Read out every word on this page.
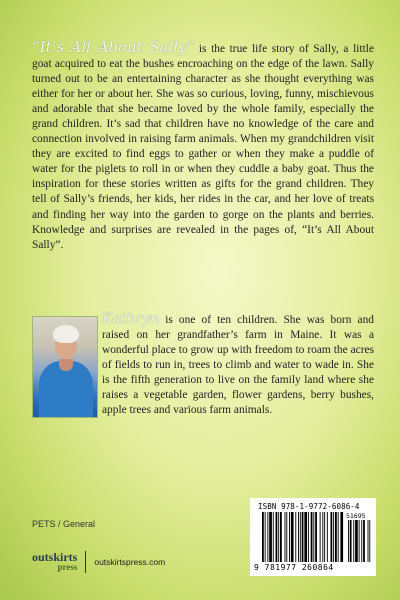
“It’s All About Sally” is the true life story of Sally, a little goat acquired to eat the bushes encroaching on the edge of the lawn. Sally turned out to be an entertaining character as she thought everything was either for her or about her. She was so curious, loving, funny, mischievous and adorable that she became loved by the whole family, especially the grand children. It’s sad that children have no knowledge of the care and connection involved in raising farm animals. When my grandchildren visit they are excited to find eggs to gather or when they make a puddle of water for the piglets to roll in or when they cuddle a baby goat. Thus the inspiration for these stories written as gifts for the grand children. They tell of Sally’s friends, her kids, her rides in the car, and her love of treats and finding her way into the garden to gorge on the plants and berries. Knowledge and surprises are revealed in the pages of, “It’s All About Sally”.
Kathryn is one of ten children. She was born and raised on her grandfather’s farm in Maine. It was a wonderful place to grow up with freedom to roam the acres of fields to run in, trees to climb and water to wade in. She is the fifth generation to live on the family land where she raises a vegetable garden, flower gardens, berry bushes, apple trees and various farm animals.
PETS / General
outskirts
press outskirtspress.com
ISBN 978-1-9772-6086-4
51695
9 781977 260864
